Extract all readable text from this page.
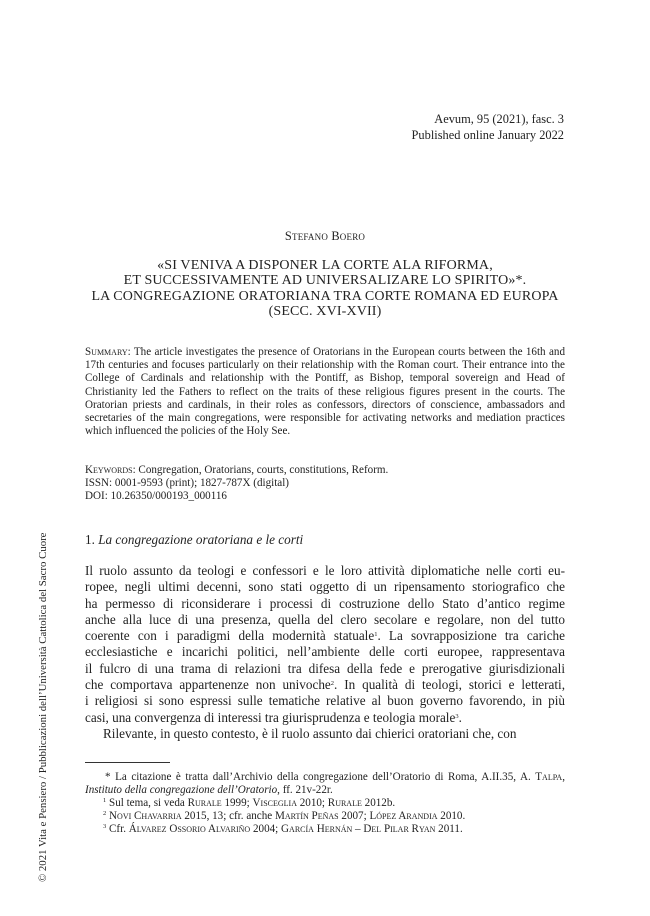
Aevum, 95 (2021), fasc. 3
Published online January 2022
Stefano Boero
«SI VENIVA A DISPONER LA CORTE ALA RIFORMA,
ET SUCCESSIVAMENTE AD UNIVERSALIZARE LO SPIRITO»*.
LA CONGREGAZIONE ORATORIANA TRA CORTE ROMANA ED EUROPA
(SECC. XVI-XVII)
Summary: The article investigates the presence of Oratorians in the European courts between the 16th and 17th centuries and focuses particularly on their relationship with the Roman court. Their entrance into the College of Cardinals and relationship with the Pontiff, as Bishop, temporal sovereign and Head of Christianity led the Fathers to reflect on the traits of these religious figures present in the courts. The Oratorian priests and cardinals, in their roles as confessors, directors of conscience, ambassadors and secretaries of the main congregations, were responsible for activating networks and mediation practices which influenced the policies of the Holy See.
Keywords: Congregation, Oratorians, courts, constitutions, Reform.
ISSN: 0001-9593 (print); 1827-787X (digital)
DOI: 10.26350/000193_000116
1. La congregazione oratoriana e le corti

Il ruolo assunto da teologi e confessori e le loro attività diplomatiche nelle corti eu-
ropee, negli ultimi decenni, sono stati oggetto di un ripensamento storiografico che
ha permesso di riconsiderare i processi di costruzione dello Stato d’antico regime
anche alla luce di una presenza, quella del clero secolare e regolare, non del tutto
coerente con i paradigmi della modernità statuale$^1$. La sovrapposizione tra cariche
ecclesiastiche e incarichi politici, nell’ambiente delle corti europee, rappresentava
il fulcro di una trama di relazioni tra difesa della fede e prerogative giurisdizionali
che comportava appartenenze non univoche$^2$. In qualità di teologi, storici e letterati,
i religiosi si sono espressi sulle tematiche relative al buon governo favorendo, in più
casi, una convergenza di interessi tra giurisprudenza e teologia morale$^3$.

Rilevante, in questo contesto, è il ruolo assunto dai chierici oratoriani che, con

* La citazione è tratta dall’Archivio della congregazione dell’Oratorio di Roma, A.II.35, A. Talpa, Instituto della congregazione dell’Oratorio, ff. 21v-22r.
$^1$ Sul tema, si veda Rurale 1999; Visceglia 2010; Rurale 2012b.
$^2$ Novi Chavarria 2015, 13; cfr. anche Martín Peñas 2007; López Arandia 2010.
$^3$ Cfr. Álvarez Ossorio Alvariño 2004; García Hernán – Del Pilar Ryan 2011.
© 2021 Vita e Pensiero / Pubblicazioni dell’Università Cattolica del Sacro Cuore
